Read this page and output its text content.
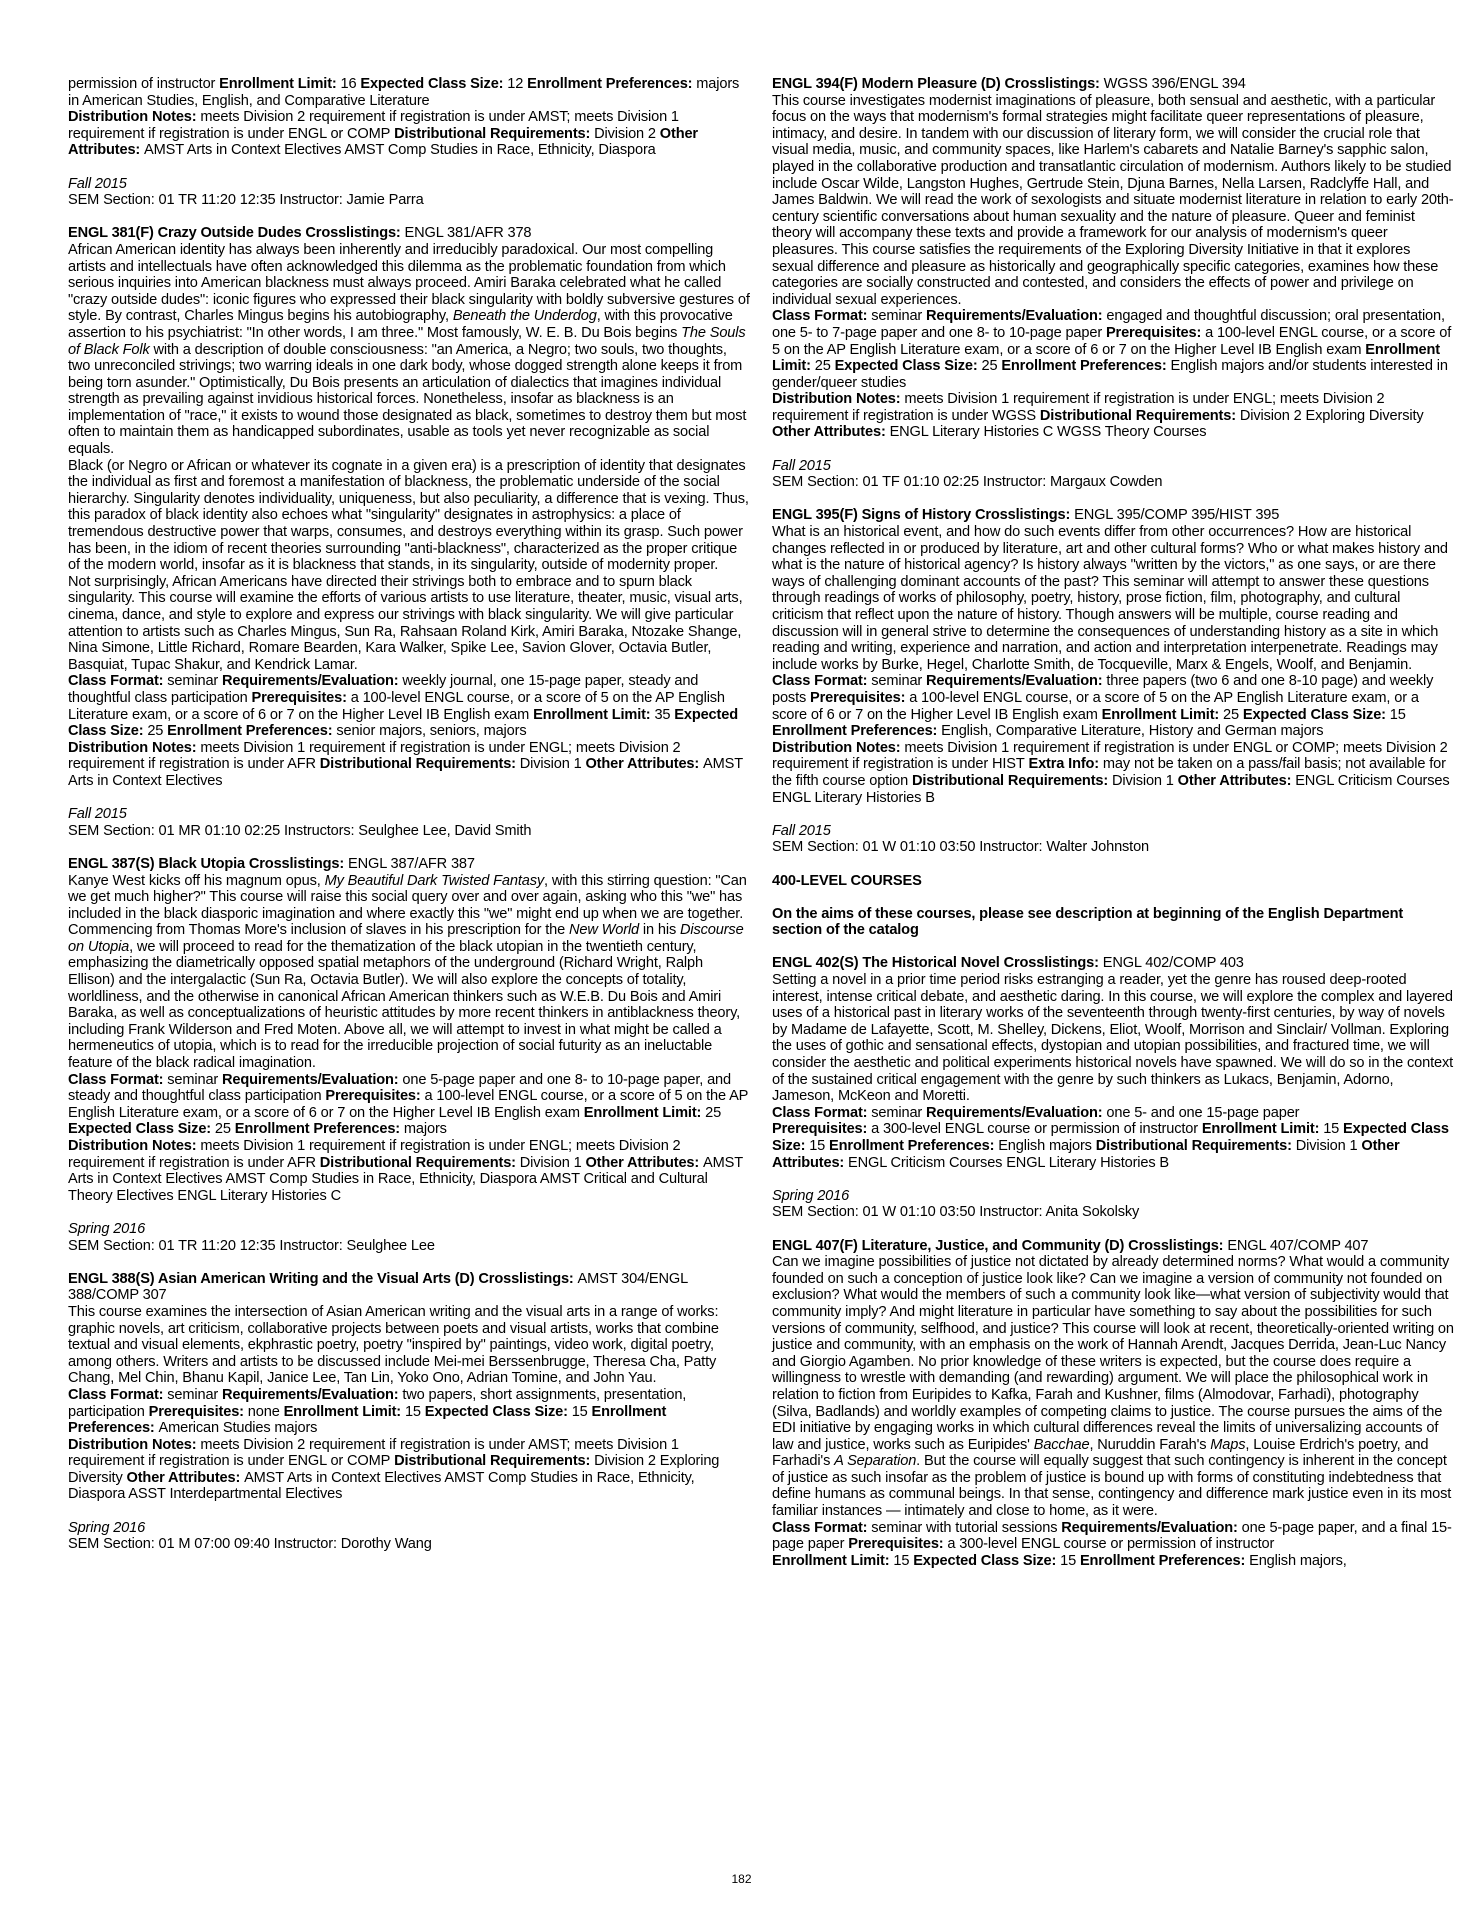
permission of instructor Enrollment Limit: 16 Expected Class Size: 12 Enrollment Preferences: majors in American Studies, English, and Comparative Literature

Distribution Notes: meets Division 2 requirement if registration is under AMST; meets Division 1 requirement if registration is under ENGL or COMP Distributional Requirements: Division 2 Other Attributes: AMST Arts in Context Electives AMST Comp Studies in Race, Ethnicity, Diaspora

Fall 2015

SEM Section: 01 TR 11:20 12:35 Instructor: Jamie Parra

ENGL 381(F) Crazy Outside Dudes Crosslistings: ENGL 381/AFR 378

African American identity has always been inherently and irreducibly paradoxical. Our most compelling artists and intellectuals have often acknowledged this dilemma as the problematic foundation from which serious inquiries into American blackness must always proceed. Amiri Baraka celebrated what he called "crazy outside dudes": iconic figures who expressed their black singularity with boldly subversive gestures of style. By contrast, Charles Mingus begins his autobiography, Beneath the Underdog, with this provocative assertion to his psychiatrist: "In other words, I am three." Most famously, W. E. B. Du Bois begins The Souls of Black Folk with a description of double consciousness: "an America, a Negro; two souls, two thoughts, two unreconciled strivings; two warring ideals in one dark body, whose dogged strength alone keeps it from being torn asunder." Optimistically, Du Bois presents an articulation of dialectics that imagines individual strength as prevailing against invidious historical forces. Nonetheless, insofar as blackness is an implementation of "race," it exists to wound those designated as black, sometimes to destroy them but most often to maintain them as handicapped subordinates, usable as tools yet never recognizable as social equals.

Black (or Negro or African or whatever its cognate in a given era) is a prescription of identity that designates the individual as first and foremost a manifestation of blackness, the problematic underside of the social hierarchy. Singularity denotes individuality, uniqueness, but also peculiarity, a difference that is vexing. Thus, this paradox of black identity also echoes what "singularity" designates in astrophysics: a place of tremendous destructive power that warps, consumes, and destroys everything within its grasp. Such power has been, in the idiom of recent theories surrounding "anti-blackness", characterized as the proper critique of the modern world, insofar as it is blackness that stands, in its singularity, outside of modernity proper.

Not surprisingly, African Americans have directed their strivings both to embrace and to spurn black singularity. This course will examine the efforts of various artists to use literature, theater, music, visual arts, cinema, dance, and style to explore and express our strivings with black singularity. We will give particular attention to artists such as Charles Mingus, Sun Ra, Rahsaan Roland Kirk, Amiri Baraka, Ntozake Shange, Nina Simone, Little Richard, Romare Bearden, Kara Walker, Spike Lee, Savion Glover, Octavia Butler, Basquiat, Tupac Shakur, and Kendrick Lamar.

Class Format: seminar Requirements/Evaluation: weekly journal, one 15-page paper, steady and thoughtful class participation Prerequisites: a 100-level ENGL course, or a score of 5 on the AP English Literature exam, or a score of 6 or 7 on the Higher Level IB English exam Enrollment Limit: 35 Expected Class Size: 25 Enrollment Preferences: senior majors, seniors, majors

Distribution Notes: meets Division 1 requirement if registration is under ENGL; meets Division 2 requirement if registration is under AFR Distributional Requirements: Division 1 Other Attributes: AMST Arts in Context Electives

Fall 2015

SEM Section: 01 MR 01:10 02:25 Instructors: Seulghee Lee, David Smith

ENGL 387(S) Black Utopia Crosslistings: ENGL 387/AFR 387

Kanye West kicks off his magnum opus, My Beautiful Dark Twisted Fantasy, with this stirring question: "Can we get much higher?" This course will raise this social query over and over again, asking who this "we" has included in the black diasporic imagination and where exactly this "we" might end up when we are together. Commencing from Thomas More's inclusion of slaves in his prescription for the New World in his Discourse on Utopia, we will proceed to read for the thematization of the black utopian in the twentieth century, emphasizing the diametrically opposed spatial metaphors of the underground (Richard Wright, Ralph Ellison) and the intergalactic (Sun Ra, Octavia Butler). We will also explore the concepts of totality, worldliness, and the otherwise in canonical African American thinkers such as W.E.B. Du Bois and Amiri Baraka, as well as conceptualizations of heuristic attitudes by more recent thinkers in antiblackness theory, including Frank Wilderson and Fred Moten. Above all, we will attempt to invest in what might be called a hermeneutics of utopia, which is to read for the irreducible projection of social futurity as an ineluctable feature of the black radical imagination.

Class Format: seminar Requirements/Evaluation: one 5-page paper and one 8- to 10-page paper, and steady and thoughtful class participation Prerequisites: a 100-level ENGL course, or a score of 5 on the AP English Literature exam, or a score of 6 or 7 on the Higher Level IB English exam Enrollment Limit: 25 Expected Class Size: 25 Enrollment Preferences: majors

Distribution Notes: meets Division 1 requirement if registration is under ENGL; meets Division 2 requirement if registration is under AFR Distributional Requirements: Division 1 Other Attributes: AMST Arts in Context Electives AMST Comp Studies in Race, Ethnicity, Diaspora AMST Critical and Cultural Theory Electives ENGL Literary Histories C

Spring 2016

SEM Section: 01 TR 11:20 12:35 Instructor: Seulghee Lee

ENGL 388(S) Asian American Writing and the Visual Arts (D) Crosslistings: AMST 304/ENGL 388/COMP 307

This course examines the intersection of Asian American writing and the visual arts in a range of works: graphic novels, art criticism, collaborative projects between poets and visual artists, works that combine textual and visual elements, ekphrastic poetry, poetry "inspired by" paintings, video work, digital poetry, among others. Writers and artists to be discussed include Mei-mei Berssenbrugge, Theresa Cha, Patty Chang, Mel Chin, Bhanu Kapil, Janice Lee, Tan Lin, Yoko Ono, Adrian Tomine, and John Yau.

Class Format: seminar Requirements/Evaluation: two papers, short assignments, presentation, participation Prerequisites: none Enrollment Limit: 15 Expected Class Size: 15 Enrollment Preferences: American Studies majors

Distribution Notes: meets Division 2 requirement if registration is under AMST; meets Division 1 requirement if registration is under ENGL or COMP Distributional Requirements: Division 2 Exploring Diversity Other Attributes: AMST Arts in Context Electives AMST Comp Studies in Race, Ethnicity, Diaspora ASST Interdepartmental Electives

Spring 2016

SEM Section: 01 M 07:00 09:40 Instructor: Dorothy Wang

ENGL 394(F) Modern Pleasure (D) Crosslistings: WGSS 396/ENGL 394

This course investigates modernist imaginations of pleasure, both sensual and aesthetic, with a particular focus on the ways that modernism's formal strategies might facilitate queer representations of pleasure, intimacy, and desire. In tandem with our discussion of literary form, we will consider the crucial role that visual media, music, and community spaces, like Harlem's cabarets and Natalie Barney's sapphic salon, played in the collaborative production and transatlantic circulation of modernism. Authors likely to be studied include Oscar Wilde, Langston Hughes, Gertrude Stein, Djuna Barnes, Nella Larsen, Radclyffe Hall, and James Baldwin. We will read the work of sexologists and situate modernist literature in relation to early 20th-century scientific conversations about human sexuality and the nature of pleasure. Queer and feminist theory will accompany these texts and provide a framework for our analysis of modernism's queer pleasures. This course satisfies the requirements of the Exploring Diversity Initiative in that it explores sexual difference and pleasure as historically and geographically specific categories, examines how these categories are socially constructed and contested, and considers the effects of power and privilege on individual sexual experiences.

Class Format: seminar Requirements/Evaluation: engaged and thoughtful discussion; oral presentation, one 5- to 7-page paper and one 8- to 10-page paper Prerequisites: a 100-level ENGL course, or a score of 5 on the AP English Literature exam, or a score of 6 or 7 on the Higher Level IB English exam Enrollment Limit: 25 Expected Class Size: 25 Enrollment Preferences: English majors and/or students interested in gender/queer studies

Distribution Notes: meets Division 1 requirement if registration is under ENGL; meets Division 2 requirement if registration is under WGSS Distributional Requirements: Division 2 Exploring Diversity Other Attributes: ENGL Literary Histories C WGSS Theory Courses

Fall 2015

SEM Section: 01 TF 01:10 02:25 Instructor: Margaux Cowden

ENGL 395(F) Signs of History Crosslistings: ENGL 395/COMP 395/HIST 395

What is an historical event, and how do such events differ from other occurrences? How are historical changes reflected in or produced by literature, art and other cultural forms? Who or what makes history and what is the nature of historical agency? Is history always "written by the victors," as one says, or are there ways of challenging dominant accounts of the past? This seminar will attempt to answer these questions through readings of works of philosophy, poetry, history, prose fiction, film, photography, and cultural criticism that reflect upon the nature of history. Though answers will be multiple, course reading and discussion will in general strive to determine the consequences of understanding history as a site in which reading and writing, experience and narration, and action and interpretation interpenetrate. Readings may include works by Burke, Hegel, Charlotte Smith, de Tocqueville, Marx & Engels, Woolf, and Benjamin.

Class Format: seminar Requirements/Evaluation: three papers (two 6 and one 8-10 page) and weekly posts Prerequisites: a 100-level ENGL course, or a score of 5 on the AP English Literature exam, or a score of 6 or 7 on the Higher Level IB English exam Enrollment Limit: 25 Expected Class Size: 15 Enrollment Preferences: English, Comparative Literature, History and German majors

Distribution Notes: meets Division 1 requirement if registration is under ENGL or COMP; meets Division 2 requirement if registration is under HIST Extra Info: may not be taken on a pass/fail basis; not available for the fifth course option Distributional Requirements: Division 1 Other Attributes: ENGL Criticism Courses ENGL Literary Histories B

Fall 2015

SEM Section: 01 W 01:10 03:50 Instructor: Walter Johnston

400-LEVEL COURSES

On the aims of these courses, please see description at beginning of the English Department section of the catalog

ENGL 402(S) The Historical Novel Crosslistings: ENGL 402/COMP 403

Setting a novel in a prior time period risks estranging a reader, yet the genre has roused deep-rooted interest, intense critical debate, and aesthetic daring. In this course, we will explore the complex and layered uses of a historical past in literary works of the seventeenth through twenty-first centuries, by way of novels by Madame de Lafayette, Scott, M. Shelley, Dickens, Eliot, Woolf, Morrison and Sinclair/ Vollman. Exploring the uses of gothic and sensational effects, dystopian and utopian possibilities, and fractured time, we will consider the aesthetic and political experiments historical novels have spawned. We will do so in the context of the sustained critical engagement with the genre by such thinkers as Lukacs, Benjamin, Adorno, Jameson, McKeon and Moretti.

Class Format: seminar Requirements/Evaluation: one 5- and one 15-page paper

Prerequisites: a 300-level ENGL course or permission of instructor Enrollment Limit: 15 Expected Class Size: 15 Enrollment Preferences: English majors Distributional Requirements: Division 1 Other Attributes: ENGL Criticism Courses ENGL Literary Histories B

Spring 2016

SEM Section: 01 W 01:10 03:50 Instructor: Anita Sokolsky

ENGL 407(F) Literature, Justice, and Community (D) Crosslistings: ENGL 407/COMP 407

Can we imagine possibilities of justice not dictated by already determined norms? What would a community founded on such a conception of justice look like? Can we imagine a version of community not founded on exclusion? What would the members of such a community look like—what version of subjectivity would that community imply? And might literature in particular have something to say about the possibilities for such versions of community, selfhood, and justice? This course will look at recent, theoretically-oriented writing on justice and community, with an emphasis on the work of Hannah Arendt, Jacques Derrida, Jean-Luc Nancy and Giorgio Agamben. No prior knowledge of these writers is expected, but the course does require a willingness to wrestle with demanding (and rewarding) argument. We will place the philosophical work in relation to fiction from Euripides to Kafka, Farah and Kushner, films (Almodovar, Farhadi), photography (Silva, Badlands) and worldly examples of competing claims to justice. The course pursues the aims of the EDI initiative by engaging works in which cultural differences reveal the limits of universalizing accounts of law and justice, works such as Euripides' Bacchae, Nuruddin Farah's Maps, Louise Erdrich's poetry, and Farhadi's A Separation. But the course will equally suggest that such contingency is inherent in the concept of justice as such insofar as the problem of justice is bound up with forms of constituting indebtedness that define humans as communal beings. In that sense, contingency and difference mark justice even in its most familiar instances — intimately and close to home, as it were.

Class Format: seminar with tutorial sessions Requirements/Evaluation: one 5-page paper, and a final 15-page paper Prerequisites: a 300-level ENGL course or permission of instructor

Enrollment Limit: 15 Expected Class Size: 15 Enrollment Preferences: English majors,

182
